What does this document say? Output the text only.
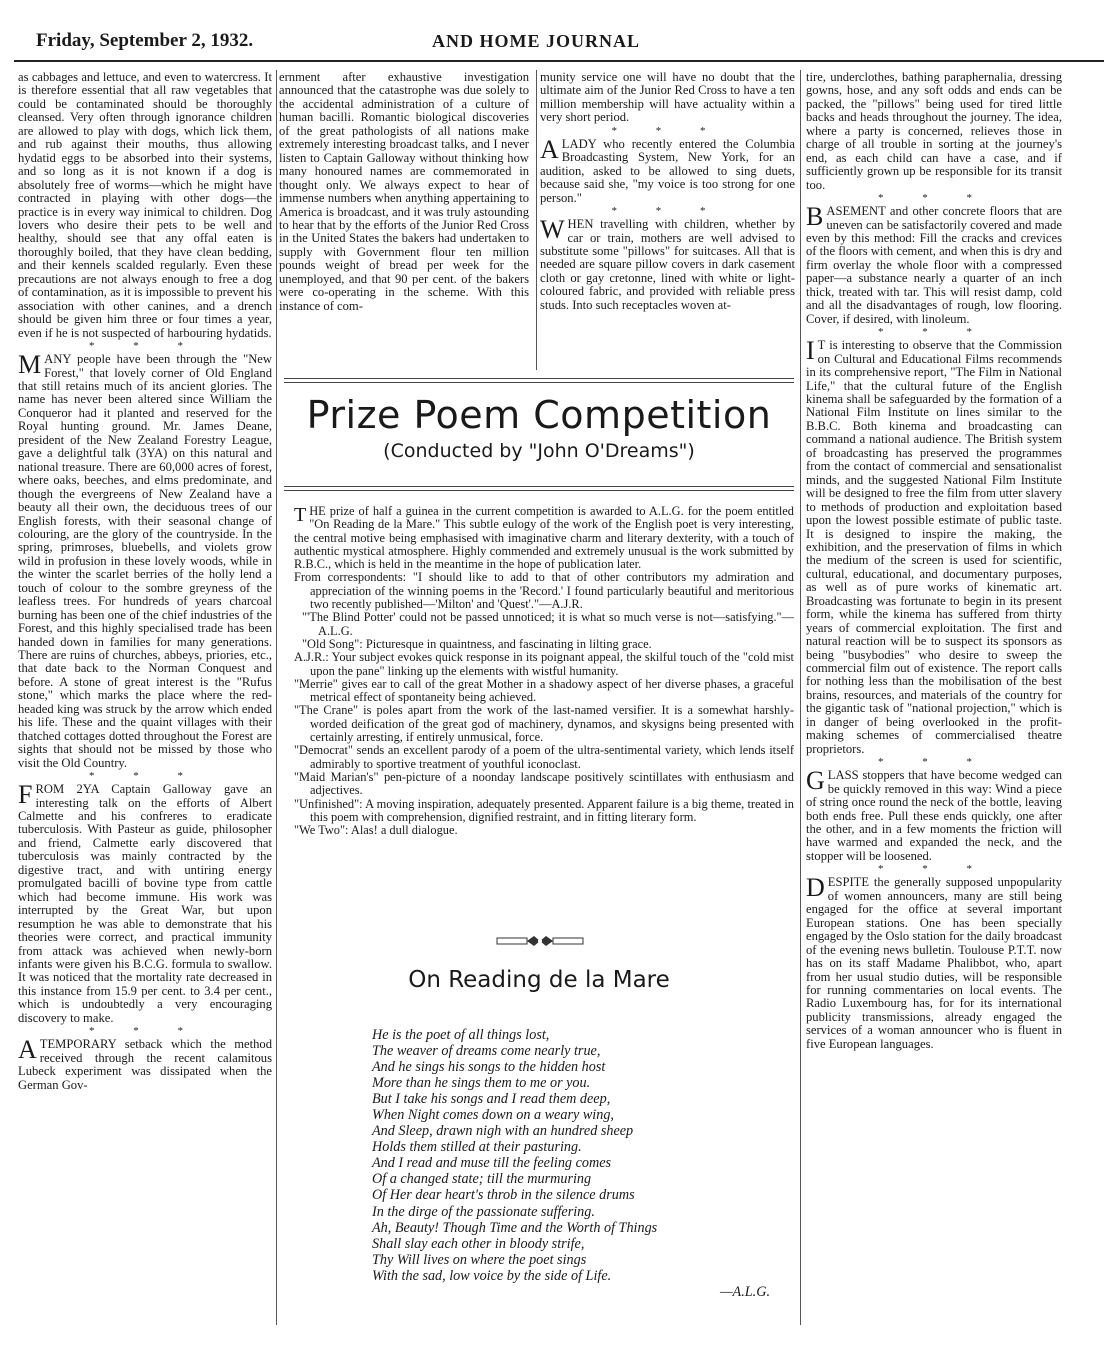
Friday, September 2, 1932.	AND HOME JOURNAL

as cabbages and lettuce, and even to watercress. It is therefore essential that all raw vegetables that could be contaminated should be thoroughly cleansed. Very often through ignorance children are allowed to play with dogs, which lick them, and rub against their mouths, thus allowing hydatid eggs to be absorbed into their systems, and so long as it is not known if a dog is absolutely free of worms—which he might have contracted in playing with other dogs—the practice is in every way inimical to children. Dog lovers who desire their pets to be well and healthy, should see that any offal eaten is thoroughly boiled, that they have clean bedding, and their kennels scalded regularly. Even these precautions are not always enough to free a dog of contamination, as it is impossible to prevent his association with other canines, and a drench should be given him three or four times a year, even if he is not suspected of harbouring hydatids.

* * *

MANY people have been through the "New Forest," that lovely corner of Old England that still retains much of its ancient glories. The name has never been altered since William the Conqueror had it planted and reserved for the Royal hunting ground. Mr. James Deane, president of the New Zealand Forestry League, gave a delightful talk (3YA) on this natural and national treasure. There are 60,000 acres of forest, where oaks, beeches, and elms predominate, and though the evergreens of New Zealand have a beauty all their own, the deciduous trees of our English forests, with their seasonal change of colouring, are the glory of the countryside. In the spring, primroses, bluebells, and violets grow wild in profusion in these lovely woods, while in the winter the scarlet berries of the holly lend a touch of colour to the sombre greyness of the leafless trees. For hundreds of years charcoal burning has been one of the chief industries of the Forest, and this highly specialised trade has been handed down in families for many generations. There are ruins of churches, abbeys, priories, etc., that date back to the Norman Conquest and before. A stone of great interest is the "Rufus stone," which marks the place where the red-headed king was struck by the arrow which ended his life. These and the quaint villages with their thatched cottages dotted throughout the Forest are sights that should not be missed by those who visit the Old Country.

* * *

FROM 2YA Captain Galloway gave an interesting talk on the efforts of Albert Calmette and his confreres to eradicate tuberculosis. With Pasteur as guide, philosopher and friend, Calmette early discovered that tuberculosis was mainly contracted by the digestive tract, and with untiring energy promulgated bacilli of bovine type from cattle which had become immune. His work was interrupted by the Great War, but upon resumption he was able to demonstrate that his theories were correct, and practical immunity from attack was achieved when newly-born infants were given his B.C.G. formula to swallow. It was noticed that the mortality rate decreased in this instance from 15.9 per cent. to 3.4 per cent., which is undoubtedly a very encouraging discovery to make.

* * *

ATEMPORARY setback which the method received through the recent calamitous Lubeck experiment was dissipated when the German Gov-

ernment after exhaustive investigation announced that the catastrophe was due solely to the accidental administration of a culture of human bacilli. Romantic biological discoveries of the great pathologists of all nations make extremely interesting broadcast talks, and I never listen to Captain Galloway without thinking how many honoured names are commemorated in thought only. We always expect to hear of immense numbers when anything appertaining to America is broadcast, and it was truly astounding to hear that by the efforts of the Junior Red Cross in the United States the bakers had undertaken to supply with Government flour ten million pounds weight of bread per week for the unemployed, and that 90 per cent. of the bakers were co-operating in the scheme. With this instance of com-

munity service one will have no doubt that the ultimate aim of the Junior Red Cross to have a ten million membership will have actuality within a very short period.

* * *

ALADY who recently entered the Columbia Broadcasting System, New York, for an audition, asked to be allowed to sing duets, because said she, "my voice is too strong for one person."

* * *

WHEN travelling with children, whether by car or train, mothers are well advised to substitute some "pillows" for suitcases. All that is needed are square pillow covers in dark casement cloth or gay cretonne, lined with white or light-coloured fabric, and provided with reliable press studs. Into such receptacles woven at-

tire, underclothes, bathing paraphernalia, dressing gowns, hose, and any soft odds and ends can be packed, the "pillows" being used for tired little backs and heads throughout the journey. The idea, where a party is concerned, relieves those in charge of all trouble in sorting at the journey's end, as each child can have a case, and if sufficiently grown up be responsible for its transit too.

* * *

BASEMENT and other concrete floors that are uneven can be satisfactorily covered and made even by this method: Fill the cracks and crevices of the floors with cement, and when this is dry and firm overlay the whole floor with a compressed paper—a substance nearly a quarter of an inch thick, treated with tar. This will resist damp, cold and all the disadvantages of rough, low flooring. Cover, if desired, with linoleum.

* * *

I T is interesting to observe that the Commission on Cultural and Educational Films recommends in its comprehensive report, "The Film in National Life," that the cultural future of the English kinema shall be safeguarded by the formation of a National Film Institute on lines similar to the B.B.C. Both kinema and broadcasting can command a national audience. The British system of broadcasting has preserved the programmes from the contact of commercial and sensationalist minds, and the suggested National Film Institute will be designed to free the film from utter slavery to methods of production and exploitation based upon the lowest possible estimate of public taste. It is designed to inspire the making, the exhibition, and the preservation of films in which the medium of the screen is used for scientific, cultural, educational, and documentary purposes, as well as of pure works of kinematic art. Broadcasting was fortunate to begin in its present form, while the kinema has suffered from thirty years of commercial exploitation. The first and natural reaction will be to suspect its sponsors as being "busybodies" who desire to sweep the commercial film out of existence. The report calls for nothing less than the mobilisation of the best brains, resources, and materials of the country for the gigantic task of "national projection," which is in danger of being overlooked in the profit-making schemes of commercialised theatre proprietors.

* * *

GLASS stoppers that have become wedged can be quickly removed in this way: Wind a piece of string once round the neck of the bottle, leaving both ends free. Pull these ends quickly, one after the other, and in a few moments the friction will have warmed and expanded the neck, and the stopper will be loosened.

* * *

DESPITE the generally supposed unpopularity of women announcers, many are still being engaged for the office at several important European stations. One has been specially engaged by the Oslo station for the daily broadcast of the evening news bulletin. Toulouse P.T.T. now has on its staff Madame Phalibbot, who, apart from her usual studio duties, will be responsible for running commentaries on local events. The Radio Luxembourg has, for for its international publicity transmissions, already engaged the services of a woman announcer who is fluent in five European languages.

Prize Poem Competition
(Conducted by "John O'Dreams")

THE prize of half a guinea in the current competition is awarded to A.L.G. for the poem entitled "On Reading de la Mare." This subtle eulogy of the work of the English poet is very interesting, the central motive being emphasised with imaginative charm and literary dexterity, with a touch of authentic mystical atmosphere. Highly commended and extremely unusual is the work submitted by R.B.C., which is held in the meantime in the hope of publication later.

From correspondents: "I should like to add to that of other contributors my admiration and appreciation of the winning poems in the 'Record.' I found particularly beautiful and meritorious two recently published—'Milton' and 'Quest'."—A.J.R.

"'The Blind Potter' could not be passed unnoticed; it is what so much verse is not—satisfying."—A.L.G.

"Old Song": Picturesque in quaintness, and fascinating in lilting grace.

A.J.R.: Your subject evokes quick response in its poignant appeal, the skilful touch of the "cold mist upon the pane" linking up the elements with wistful humanity.

"Merrie" gives ear to call of the great Mother in a shadowy aspect of her diverse phases, a graceful metrical effect of spontaneity being achieved.

"The Crane" is poles apart from the work of the last-named versifier. It is a somewhat harshly-worded deification of the great god of machinery, dynamos, and skysigns being presented with certainly arresting, if entirely unmusical, force.

"Democrat" sends an excellent parody of a poem of the ultra-sentimental variety, which lends itself admirably to sportive treatment of youthful iconoclast.

"Maid Marian's" pen-picture of a noonday landscape positively scintillates with enthusiasm and adjectives.

"Unfinished": A moving inspiration, adequately presented. Apparent failure is a big theme, treated in this poem with comprehension, dignified restraint, and in fitting literary form.

"We Two": Alas! a dull dialogue.

On Reading de la Mare
He is the poet of all things lost,
The weaver of dreams come nearly true,
And he sings his songs to the hidden host
More than he sings them to me or you.
But I take his songs and I read them deep,
When Night comes down on a weary wing,
And Sleep, drawn nigh with an hundred sheep
Holds them stilled at their pasturing.
And I read and muse till the feeling comes
Of a changed state; till the murmuring
Of Her dear heart's throb in the silence drums
In the dirge of the passionate suffering.
Ah, Beauty! Though Time and the Worth of Things
Shall slay each other in bloody strife,
Thy Will lives on where the poet sings
With the sad, low voice by the side of Life.
—A.L.G.
